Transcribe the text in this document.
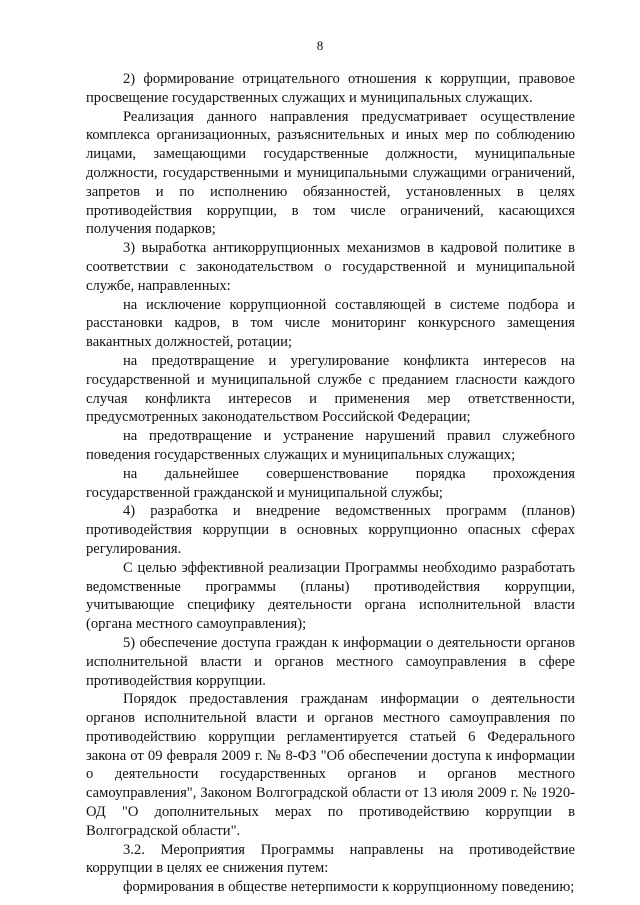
8

2) формирование отрицательного отношения к коррупции, правовое просвещение государственных служащих и муниципальных служащих.

Реализация данного направления предусматривает осуществление комплекса организационных, разъяснительных и иных мер по соблюдению лицами, замещающими государственные должности, муниципальные должности, государственными и муниципальными служащими ограничений, запретов и по исполнению обязанностей, установленных в целях противодействия коррупции, в том числе ограничений, касающихся получения подарков;

3) выработка антикоррупционных механизмов в кадровой политике в соответствии с законодательством о государственной и муниципальной службе, направленных:

на исключение коррупционной составляющей в системе подбора и расстановки кадров, в том числе мониторинг конкурсного замещения вакантных должностей, ротации;

на предотвращение и урегулирование конфликта интересов на государственной и муниципальной службе с преданием гласности каждого случая конфликта интересов и применения мер ответственности, предусмотренных законодательством Российской Федерации;

на предотвращение и устранение нарушений правил служебного поведения государственных служащих и муниципальных служащих;

на дальнейшее совершенствование порядка прохождения государственной гражданской и муниципальной службы;

4) разработка и внедрение ведомственных программ (планов) противодействия коррупции в основных коррупционно опасных сферах регулирования.

С целью эффективной реализации Программы необходимо разработать ведомственные программы (планы) противодействия коррупции, учитывающие специфику деятельности органа исполнительной власти (органа местного самоуправления);

5) обеспечение доступа граждан к информации о деятельности органов исполнительной власти и органов местного самоуправления в сфере противодействия коррупции.

Порядок предоставления гражданам информации о деятельности органов исполнительной власти и органов местного самоуправления по противодействию коррупции регламентируется статьей 6 Федерального закона от 09 февраля 2009 г. № 8-ФЗ "Об обеспечении доступа к информации о деятельности государственных органов и органов местного самоуправления", Законом Волгоградской области от 13 июля 2009 г. № 1920-ОД "О дополнительных мерах по противодействию коррупции в Волгоградской области".

3.2. Мероприятия Программы направлены на противодействие коррупции в целях ее снижения путем:

формирования в обществе нетерпимости к коррупционному поведению;
